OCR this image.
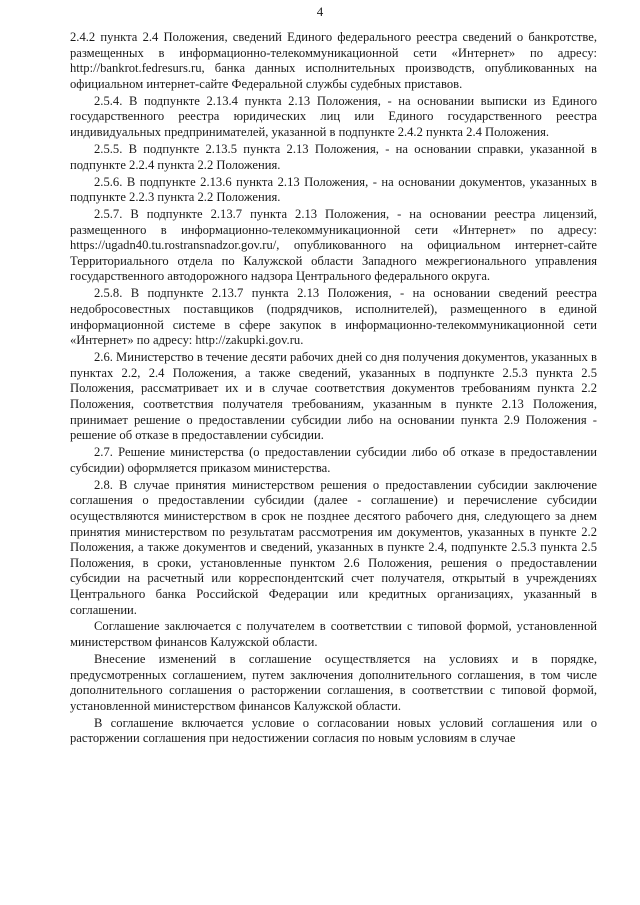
4

2.4.2 пункта 2.4 Положения, сведений Единого федерального реестра сведений о банкротстве, размещенных в информационно-телекоммуникационной сети «Интернет» по адресу: http://bankrot.fedresurs.ru, банка данных исполнительных производств, опубликованных на официальном интернет-сайте Федеральной службы судебных приставов.

2.5.4. В подпункте 2.13.4 пункта 2.13 Положения, - на основании выписки из Единого государственного реестра юридических лиц или Единого государственного реестра индивидуальных предпринимателей, указанной в подпункте 2.4.2 пункта 2.4 Положения.

2.5.5. В подпункте 2.13.5 пункта 2.13 Положения, - на основании справки, указанной в подпункте 2.2.4 пункта 2.2 Положения.

2.5.6. В подпункте 2.13.6 пункта 2.13 Положения, - на основании документов, указанных в подпункте 2.2.3 пункта 2.2 Положения.

2.5.7. В подпункте 2.13.7 пункта 2.13 Положения, - на основании реестра лицензий, размещенного в информационно-телекоммуникационной сети «Интернет» по адресу: https://ugadn40.tu.rostransnadzor.gov.ru/, опубликованного на официальном интернет-сайте Территориального отдела по Калужской области Западного межрегионального управления государственного автодорожного надзора Центрального федерального округа.

2.5.8. В подпункте 2.13.7 пункта 2.13 Положения, - на основании сведений реестра недобросовестных поставщиков (подрядчиков, исполнителей), размещенного в единой информационной системе в сфере закупок в информационно-телекоммуникационной сети «Интернет» по адресу: http://zakupki.gov.ru.

2.6. Министерство в течение десяти рабочих дней со дня получения документов, указанных в пунктах 2.2, 2.4 Положения, а также сведений, указанных в подпункте 2.5.3 пункта 2.5 Положения, рассматривает их и в случае соответствия документов требованиям пункта 2.2 Положения, соответствия получателя требованиям, указанным в пункте 2.13 Положения, принимает решение о предоставлении субсидии либо на основании пункта 2.9 Положения - решение об отказе в предоставлении субсидии.

2.7. Решение министерства (о предоставлении субсидии либо об отказе в предоставлении субсидии) оформляется приказом министерства.

2.8. В случае принятия министерством решения о предоставлении субсидии заключение соглашения о предоставлении субсидии (далее - соглашение) и перечисление субсидии осуществляются министерством в срок не позднее десятого рабочего дня, следующего за днем принятия министерством по результатам рассмотрения им документов, указанных в пункте 2.2 Положения, а также документов и сведений, указанных в пункте 2.4, подпункте 2.5.3 пункта 2.5 Положения, в сроки, установленные пунктом 2.6 Положения, решения о предоставлении субсидии на расчетный или корреспондентский счет получателя, открытый в учреждениях Центрального банка Российской Федерации или кредитных организациях, указанный в соглашении.

Соглашение заключается с получателем в соответствии с типовой формой, установленной министерством финансов Калужской области.

Внесение изменений в соглашение осуществляется на условиях и в порядке, предусмотренных соглашением, путем заключения дополнительного соглашения, в том числе дополнительного соглашения о расторжении соглашения, в соответствии с типовой формой, установленной министерством финансов Калужской области.

В соглашение включается условие о согласовании новых условий соглашения или о расторжении соглашения при недостижении согласия по новым условиям в случае
